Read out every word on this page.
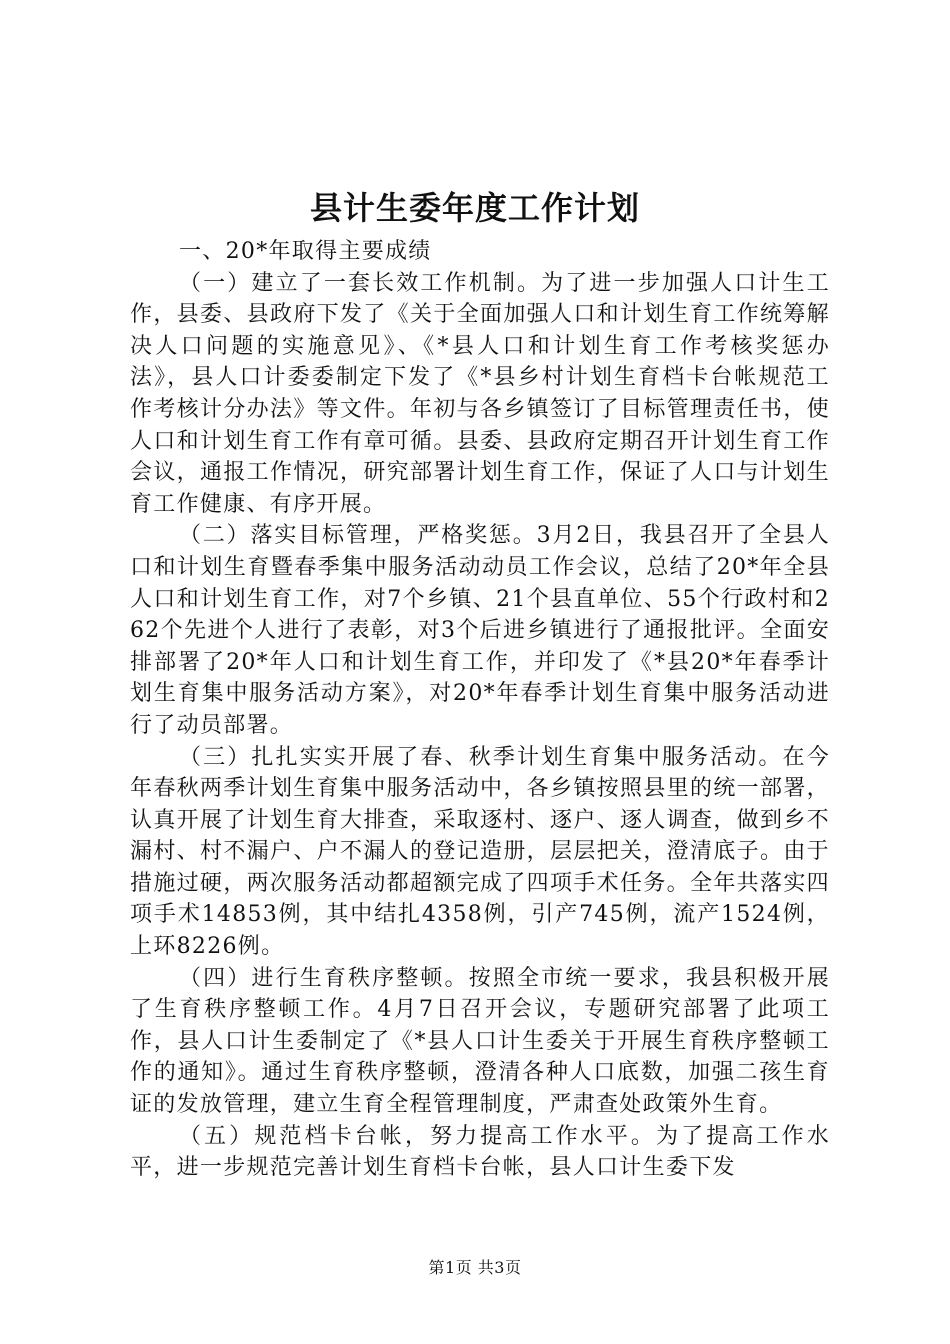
县计生委年度工作计划

一、20*年取得主要成绩

（一）建立了一套长效工作机制。为了进一步加强人口计生工作，县委、县政府下发了《关于全面加强人口和计划生育工作统筹解决人口问题的实施意见》、《*县人口和计划生育工作考核奖惩办法》，县人口计委委制定下发了《*县乡村计划生育档卡台帐规范工作考核计分办法》等文件。年初与各乡镇签订了目标管理责任书，使人口和计划生育工作有章可循。县委、县政府定期召开计划生育工作会议，通报工作情况，研究部署计划生育工作，保证了人口与计划生育工作健康、有序开展。

（二）落实目标管理，严格奖惩。3月2日，我县召开了全县人口和计划生育暨春季集中服务活动动员工作会议，总结了20*年全县人口和计划生育工作，对7个乡镇、21个县直单位、55个行政村和262个先进个人进行了表彰，对3个后进乡镇进行了通报批评。全面安排部署了20*年人口和计划生育工作，并印发了《*县20*年春季计划生育集中服务活动方案》，对20*年春季计划生育集中服务活动进行了动员部署。

（三）扎扎实实开展了春、秋季计划生育集中服务活动。在今年春秋两季计划生育集中服务活动中，各乡镇按照县里的统一部署，认真开展了计划生育大排查，采取逐村、逐户、逐人调查，做到乡不漏村、村不漏户、户不漏人的登记造册，层层把关，澄清底子。由于措施过硬，两次服务活动都超额完成了四项手术任务。全年共落实四项手术14853例，其中结扎4358例，引产745例，流产1524例，上环8226例。

（四）进行生育秩序整顿。按照全市统一要求，我县积极开展了生育秩序整顿工作。4月7日召开会议，专题研究部署了此项工作，县人口计生委制定了《*县人口计生委关于开展生育秩序整顿工作的通知》。通过生育秩序整顿，澄清各种人口底数，加强二孩生育证的发放管理，建立生育全程管理制度，严肃查处政策外生育。

（五）规范档卡台帐，努力提高工作水平。为了提高工作水平，进一步规范完善计划生育档卡台帐，县人口计生委下发

第1页 共3页
